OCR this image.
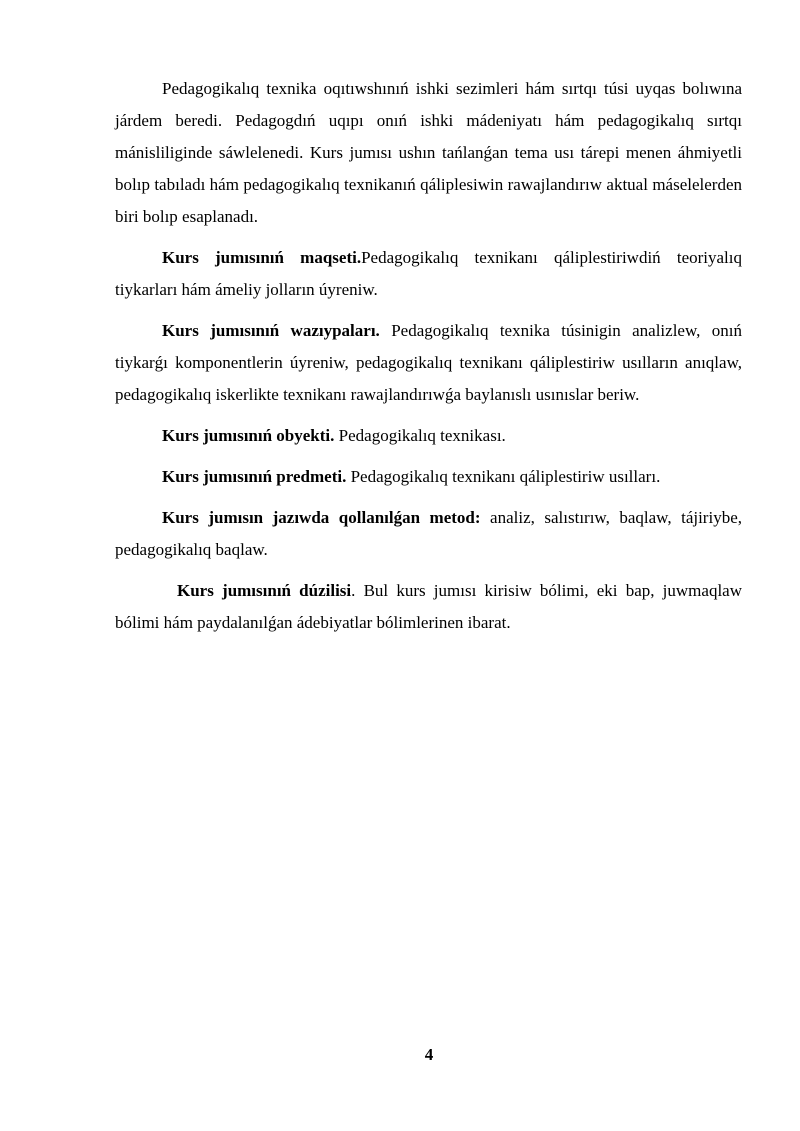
Pedagogikalıq texnika oqıtıwshınıń ishki sezimleri hám sırtqı túsi uyqas bolıwına járdem beredi. Pedagogdıń uqıpı onıń ishki mádeniyatı hám pedagogikalıq sırtqı mánisliliginde sáwlelenedi. Kurs jumısı ushın tańlanǵan tema usı tárepi menen áhmiyetli bolıp tabıladı hám pedagogikalıq texnikanıń qáliplesiwin rawajlandırıw aktual máselelerden biri bolıp esaplanadı.

Kurs jumısınıń maqseti.Pedagogikalıq texnikanı qáliplestiriwdiń teoriyalıq tiykarları hám ámeliy jolların úyreniw.

Kurs jumısınıń wazıypaları. Pedagogikalıq texnika túsinigin analizlew, onıń tiykarǵı komponentlerin úyreniw, pedagogikalıq texnikanı qáliplestiriw usılların anıqlaw, pedagogikalıq iskerlikte texnikanı rawajlandırıwǵa baylanıslı usınıslar beriw.

Kurs jumısınıń obyekti. Pedagogikalıq texnikası.

Kurs jumısınıń predmeti. Pedagogikalıq texnikanı qáliplestiriw usılları.

Kurs jumısın jazıwda qollanılǵan metod: analiz, salıstırıw, baqlaw, tájiriybe, pedagogikalıq baqlaw.

Kurs jumısınıń dúzilisi. Bul kurs jumısı kirisiw bólimi, eki bap, juwmaqlaw bólimi hám paydalanılǵan ádebiyatlar bólimlerinen ibarat.

4
